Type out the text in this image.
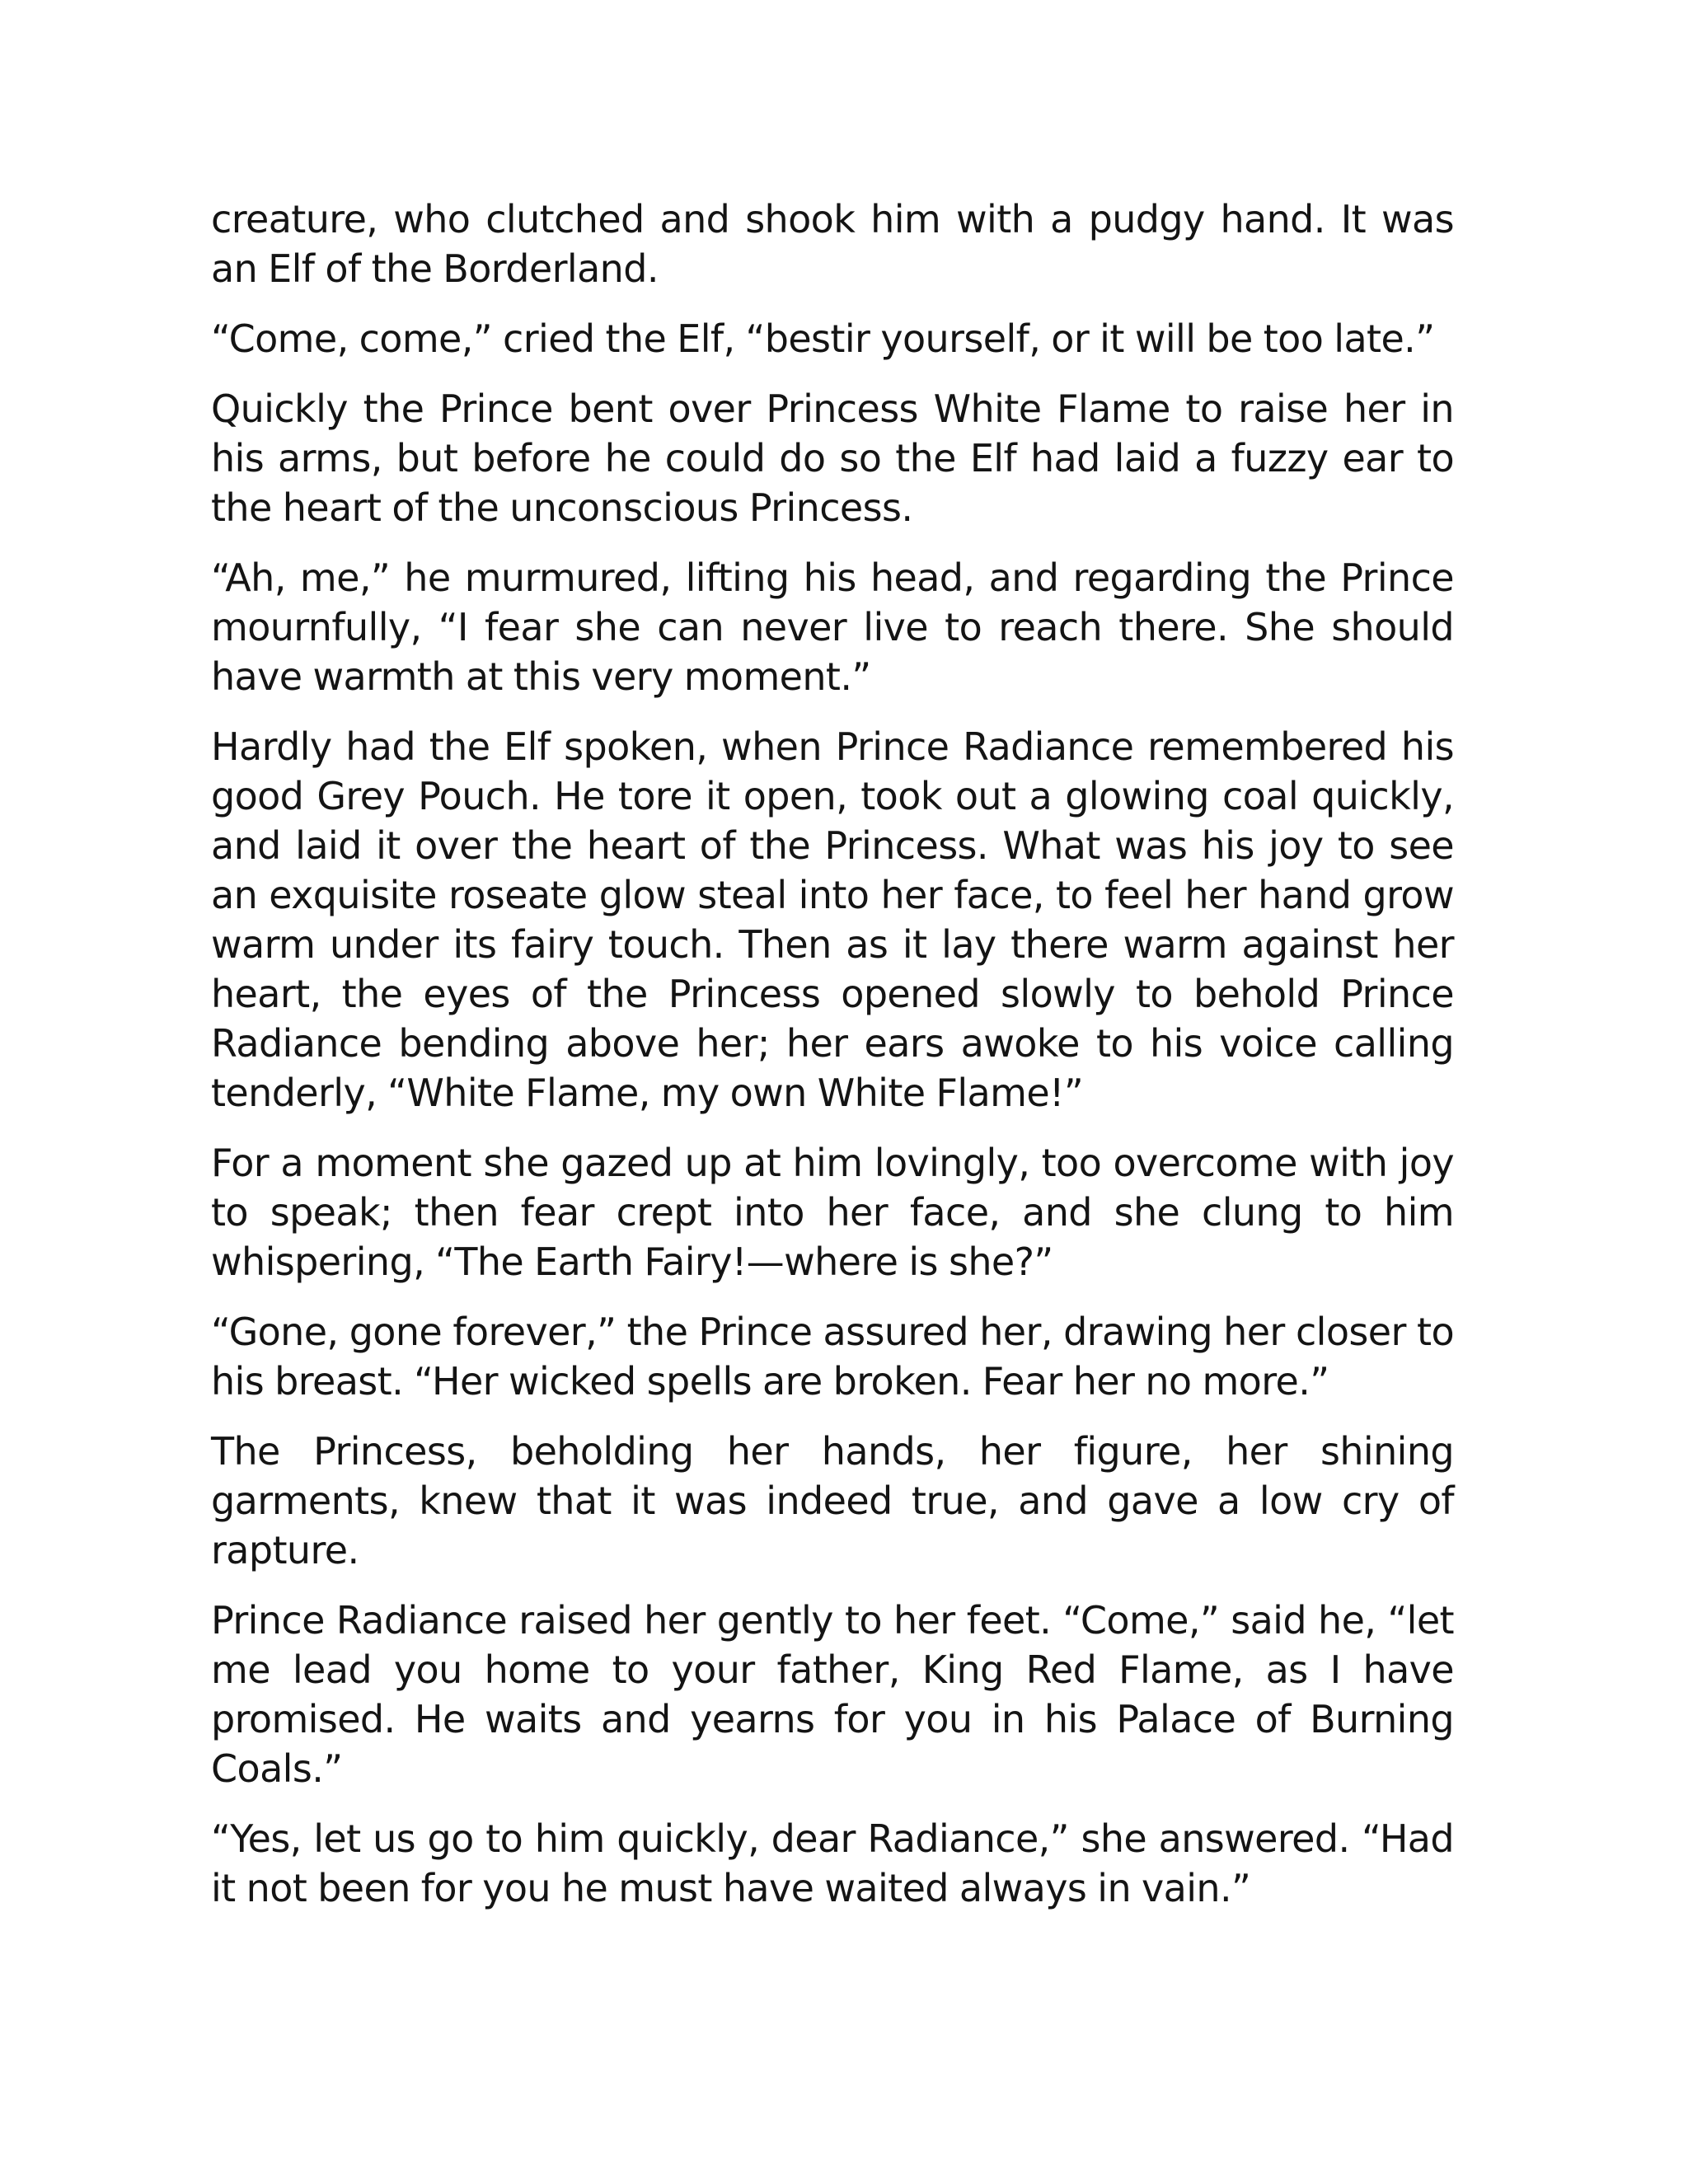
creature, who clutched and shook him with a pudgy hand. It was an Elf of the Borderland.

“Come, come,” cried the Elf, “bestir yourself, or it will be too late.”

Quickly the Prince bent over Princess White Flame to raise her in his arms, but before he could do so the Elf had laid a fuzzy ear to the heart of the unconscious Princess.

“Ah, me,” he murmured, lifting his head, and regarding the Prince mournfully, “I fear she can never live to reach there. She should have warmth at this very moment.”

Hardly had the Elf spoken, when Prince Radiance remembered his good Grey Pouch. He tore it open, took out a glowing coal quickly, and laid it over the heart of the Princess. What was his joy to see an exquisite roseate glow steal into her face, to feel her hand grow warm under its fairy touch. Then as it lay there warm against her heart, the eyes of the Princess opened slowly to behold Prince Radiance bending above her; her ears awoke to his voice calling tenderly, “White Flame, my own White Flame!”

For a moment she gazed up at him lovingly, too overcome with joy to speak; then fear crept into her face, and she clung to him whispering, “The Earth Fairy!—where is she?”

“Gone, gone forever,” the Prince assured her, drawing her closer to his breast. “Her wicked spells are broken. Fear her no more.”

The Princess, beholding her hands, her figure, her shining garments, knew that it was indeed true, and gave a low cry of rapture.

Prince Radiance raised her gently to her feet. “Come,” said he, “let me lead you home to your father, King Red Flame, as I have promised. He waits and yearns for you in his Palace of Burning Coals.”

“Yes, let us go to him quickly, dear Radiance,” she answered. “Had it not been for you he must have waited always in vain.”
